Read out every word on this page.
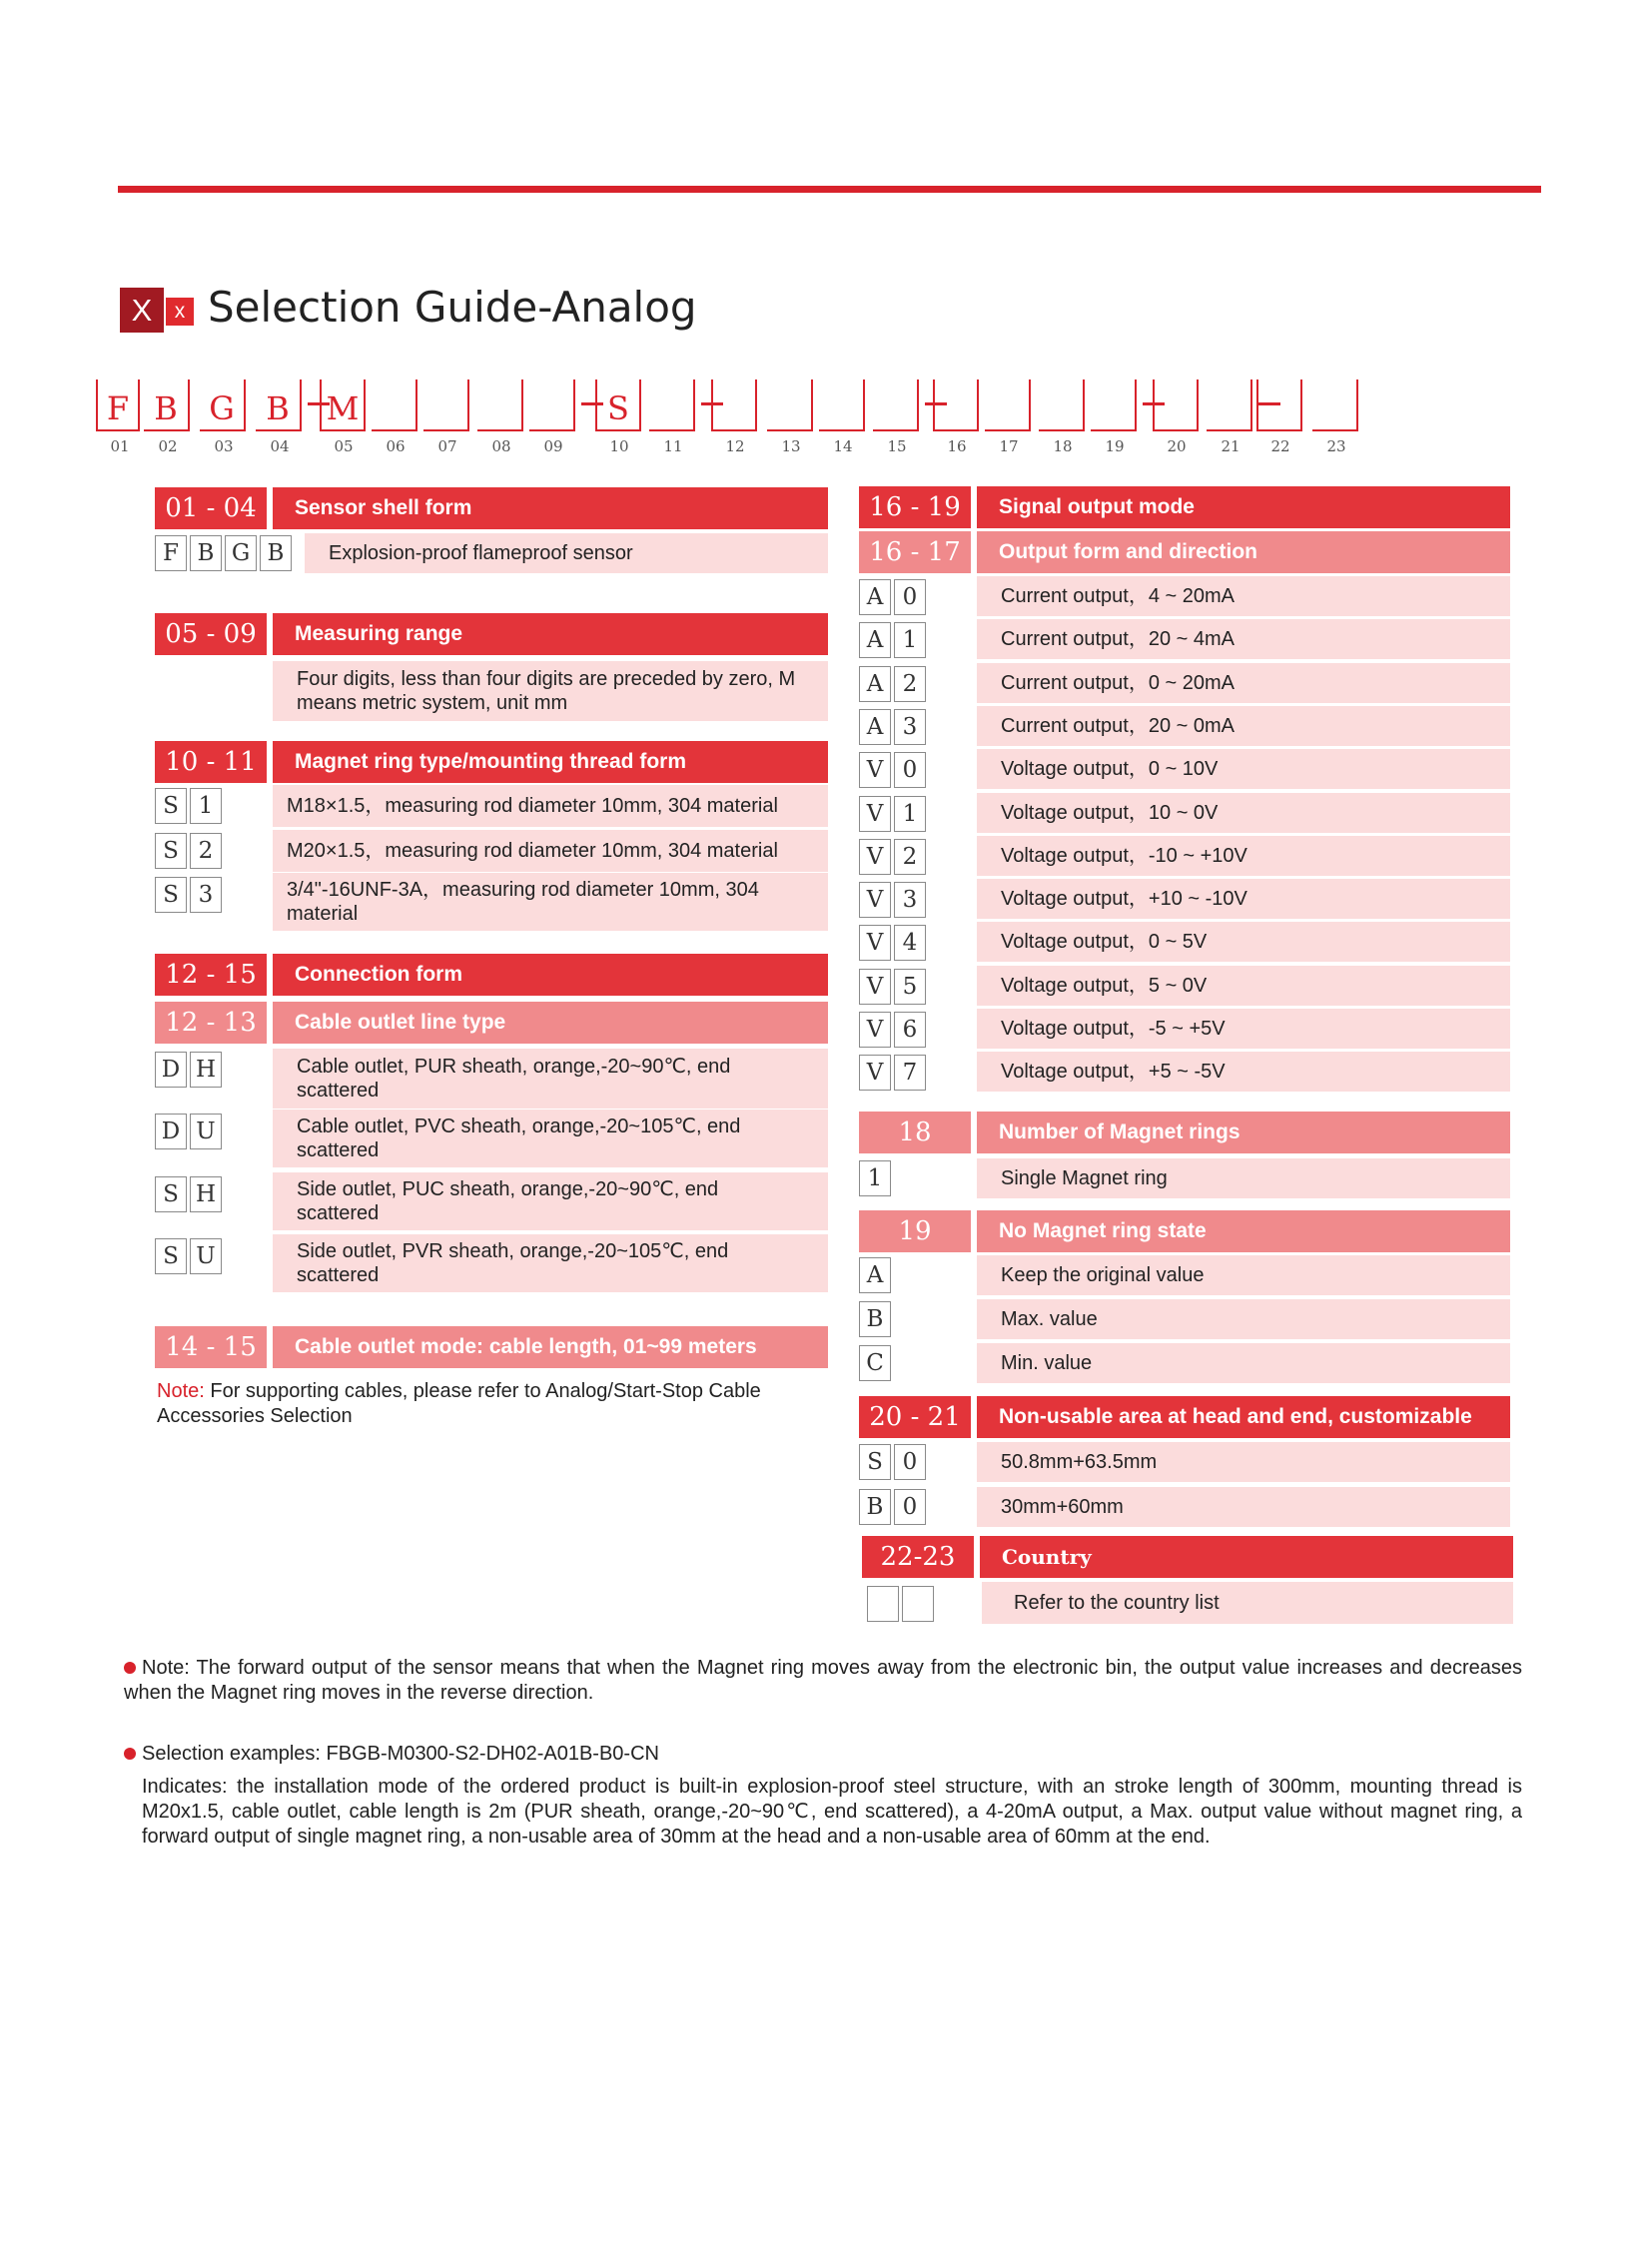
X	x Selection Guide-Analog
F
01
B
02
G
03
B
04
M
05 06 07 08 09
S
10 11	12 13 14 15	16 17 18 19	20 21 22 23
01 - 04	Sensor shell form
F B G B	Explosion-proof flameproof sensor
05 - 09	Measuring range
Four digits, less than four digits are preceded by zero, M means metric system, unit mm
10 - 11	Magnet ring type/mounting thread form
S 1	M18×1.5，measuring rod diameter 10mm, 304 material
S 2	M20×1.5，measuring rod diameter 10mm, 304 material
S 3	3/4"-16UNF-3A，measuring rod diameter 10mm, 304 material
12 - 15	Connection form
12 - 13	Cable outlet line type
D H	Cable outlet, PUR sheath, orange,-20~90℃, end scattered
D U	Cable outlet, PVC sheath, orange,-20~105℃, end scattered
S H	Side outlet, PUC sheath, orange,-20~90℃, end scattered
S U	Side outlet, PVR sheath, orange,-20~105℃, end scattered
14 - 15	Cable outlet mode: cable length, 01~99 meters
Note: For supporting cables, please refer to Analog/Start-Stop Cable Accessories Selection
16 - 19	Signal output mode
16 - 17	Output form and direction
A 0	Current output，4 ~ 20mA
A 1	Current output，20 ~ 4mA
A 2	Current output，0 ~ 20mA
A 3	Current output，20 ~ 0mA
V 0	Voltage output，0 ~ 10V
V 1	Voltage output，10 ~ 0V
V 2	Voltage output，-10 ~ +10V
V 3	Voltage output，+10 ~ -10V
V 4	Voltage output，0 ~ 5V
V 5	Voltage output，5 ~ 0V
V 6	Voltage output，-5 ~ +5V
V 7	Voltage output，+5 ~ -5V
18	Number of Magnet rings
1	Single Magnet ring
19	No Magnet ring state
A	Keep the original value
B	Max. value
C	Min. value
20 - 21	Non-usable area at head and end, customizable
S 0	50.8mm+63.5mm
B 0	30mm+60mm
22-23	Country
Refer to the country list
Note: The forward output of the sensor means that when the Magnet ring moves away from the electronic bin, the output value increases and decreases when the Magnet ring moves in the reverse direction.
Selection examples: FBGB-M0300-S2-DH02-A01B-B0-CN
Indicates: the installation mode of the ordered product is built-in explosion-proof steel structure, with an stroke length of 300mm, mounting thread is M20x1.5, cable outlet, cable length is 2m (PUR sheath, orange,-20~90℃, end scattered), a 4-20mA output, a Max. output value without magnet ring, a forward output of single magnet ring, a non-usable area of 30mm at the head and a non-usable area of 60mm at the end.
